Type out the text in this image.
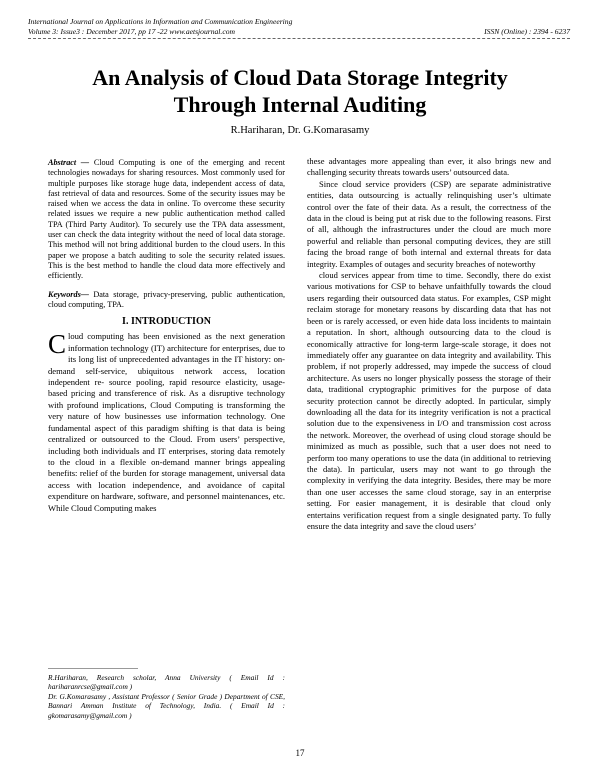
International Journal on Applications in Information and Communication Engineering
Volume 3: Issue3 : December 2017, pp 17 -22 www.aetsjournal.com	ISSN (Online) : 2394 - 6237
An Analysis of Cloud Data Storage Integrity
Through Internal Auditing
R.Hariharan, Dr. G.Komarasamy

Abstract — Cloud Computing is one of the emerging and recent technologies nowadays for sharing resources. Most commonly used for multiple purposes like storage huge data, independent access of data, fast retrieval of data and resources. Some of the security issues may be raised when we access the data in online. To overcome these security related issues we require a new public authentication method called TPA (Third Party Auditor). To securely use the TPA data assessment, user can check the data integrity without the need of local data storage. This method will not bring additional burden to the cloud users. In this paper we propose a batch auditing to sole the security related issues. This is the best method to handle the cloud data more effectively and efficiently.

Keywords— Data storage, privacy-preserving, public authentication, cloud computing, TPA.

I. INTRODUCTION

Cloud computing has been envisioned as the next generation information technology (IT) architecture for enterprises, due to its long list of unprecedented advantages in the IT history: on-demand self-service, ubiquitous network access, location independent re- source pooling, rapid resource elasticity, usage-based pricing and transference of risk. As a disruptive technology with profound implications, Cloud Computing is transforming the very nature of how businesses use information technology. One fundamental aspect of this paradigm shifting is that data is being centralized or outsourced to the Cloud. From users’ perspective, including both individuals and IT enterprises, storing data remotely to the cloud in a flexible on-demand manner brings appealing benefits: relief of the burden for storage management, universal data access with location independence, and avoidance of capital expenditure on hardware, software, and personnel maintenances, etc. While Cloud Computing makes

R.Hariharan, Research scholar, Anna University ( Email Id : hariharanrcse@gmail.com )

Dr. G.Komarasamy , Assistant Professor ( Senior Grade ) Department of CSE, Bannari Amman Institute of Technology, India. ( Email Id : gkomarasamy@gmail.com )

these advantages more appealing than ever, it also brings new and challenging security threats towards users’ outsourced data.

Since cloud service providers (CSP) are separate administrative entities, data outsourcing is actually relinquishing user’s ultimate control over the fate of their data. As a result, the correctness of the data in the cloud is being put at risk due to the following reasons. First of all, although the infrastructures under the cloud are much more powerful and reliable than personal computing devices, they are still facing the broad range of both internal and external threats for data integrity. Examples of outages and security breaches of noteworthy

cloud services appear from time to time. Secondly, there do exist various motivations for CSP to behave unfaithfully towards the cloud users regarding their outsourced data status. For examples, CSP might reclaim storage for monetary reasons by discarding data that has not been or is rarely accessed, or even hide data loss incidents to maintain a reputation. In short, although outsourcing data to the cloud is economically attractive for long-term large-scale storage, it does not immediately offer any guarantee on data integrity and availability. This problem, if not properly addressed, may impede the success of cloud architecture. As users no longer physically possess the storage of their data, traditional cryptographic primitives for the purpose of data security protection cannot be directly adopted. In particular, simply downloading all the data for its integrity verification is not a practical solution due to the expensiveness in I/O and transmission cost across the network. Moreover, the overhead of using cloud storage should be minimized as much as possible, such that a user does not need to perform too many operations to use the data (in additional to retrieving the data). In particular, users may not want to go through the complexity in verifying the data integrity. Besides, there may be more than one user accesses the same cloud storage, say in an enterprise setting. For easier management, it is desirable that cloud only entertains verification request from a single designated party. To fully ensure the data integrity and save the cloud users’

17
